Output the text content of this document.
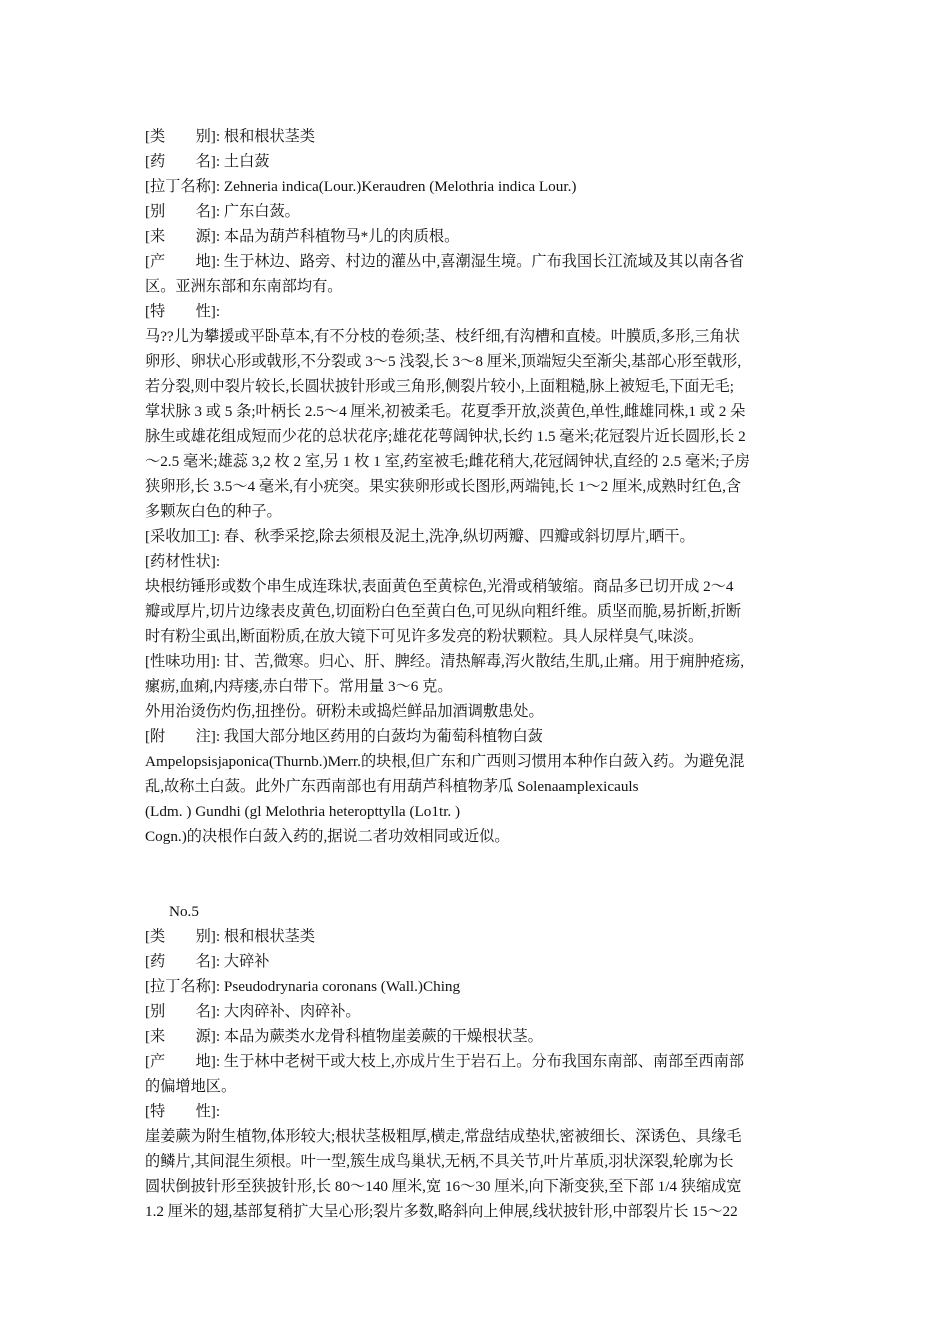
[类　　别]: 根和根状茎类
[药　　名]: 土白蔹
[拉丁名称]: Zehneria indica(Lour.)Keraudren (Melothria indica Lour.)
[别　　名]: 广东白蔹。
[来　　源]: 本品为葫芦科植物马*儿的肉质根。
[产　　地]: 生于林边、路旁、村边的灌丛中,喜潮湿生境。广布我国长江流域及其以南各省
区。亚洲东部和东南部均有。
[特　　性]:
马??儿为攀援或平卧草本,有不分枝的卷须;茎、枝纤细,有沟槽和直棱。叶膜质,多形,三角状
卵形、卵状心形或戟形,不分裂或 3～5 浅裂,长 3～8 厘米,顶端短尖至渐尖,基部心形至戟形,
若分裂,则中裂片较长,长圆状披针形或三角形,侧裂片较小,上面粗糙,脉上被短毛,下面无毛;
掌状脉 3 或 5 条;叶柄长 2.5～4 厘米,初被柔毛。花夏季开放,淡黄色,单性,雌雄同株,1 或 2 朵
脉生或雄花组成短而少花的总状花序;雄花花萼阔钟状,长约 1.5 毫米;花冠裂片近长圆形,长 2
～2.5 毫米;雄蕊 3,2 枚 2 室,另 1 枚 1 室,药室被毛;雌花稍大,花冠阔钟状,直经的 2.5 毫米;子房
狭卵形,长 3.5～4 毫米,有小疣突。果实狭卵形或长图形,两端钝,长 1～2 厘米,成熟时红色,含
多颗灰白色的种子。
[采收加工]: 春、秋季采挖,除去须根及泥土,洗净,纵切两瓣、四瓣或斜切厚片,晒干。
[药材性状]:
块根纺锤形或数个串生成连珠状,表面黄色至黄棕色,光滑或稍皱缩。商品多已切开成 2～4
瓣或厚片,切片边缘表皮黄色,切面粉白色至黄白色,可见纵向粗纤维。质坚而脆,易折断,折断
时有粉尘虱出,断面粉质,在放大镜下可见许多发亮的粉状颗粒。具人尿样臭气,味淡。
[性味功用]: 甘、苦,微寒。归心、肝、脾经。清热解毒,泻火散结,生肌,止痛。用于痈肿疮疡,
瘰疬,血痢,内痔瘘,赤白带下。常用量 3～6 克。
外用治烫伤灼伤,扭挫份。研粉未或捣烂鲜品加酒调敷患处。
[附　　注]: 我国大部分地区药用的白蔹均为葡萄科植物白蔹
Ampelopsisjaponica(Thurnb.)Merr.的块根,但广东和广西则习惯用本种作白蔹入药。为避免混
乱,故称土白蔹。此外广东西南部也有用葫芦科植物茅瓜 Solenaamplexicauls
(Ldm. ) Gundhi (gl Melothria heteropttylla (Lo1tr. )
Cogn.)的决根作白蔹入药的,据说二者功效相同或近似。
No.5
[类　　别]: 根和根状茎类
[药　　名]: 大碎补
[拉丁名称]: Pseudodrynaria coronans (Wall.)Ching
[别　　名]: 大肉碎补、肉碎补。
[来　　源]: 本品为蕨类水龙骨科植物崖姜蕨的干燥根状茎。
[产　　地]: 生于林中老树干或大枝上,亦成片生于岩石上。分布我国东南部、南部至西南部
的偏增地区。
[特　　性]:
崖姜蕨为附生植物,体形较大;根状茎极粗厚,横走,常盘结成垫状,密被细长、深诱色、具缘毛
的鳞片,其间混生须根。叶一型,簇生成鸟巢状,无柄,不具关节,叶片革质,羽状深裂,轮廓为长
圆状倒披针形至狭披针形,长 80～140 厘米,宽 16～30 厘米,向下渐变狭,至下部 1/4 狭缩成宽
1.2 厘米的翅,基部复稍扩大呈心形;裂片多数,略斜向上伸展,线状披针形,中部裂片长 15～22
